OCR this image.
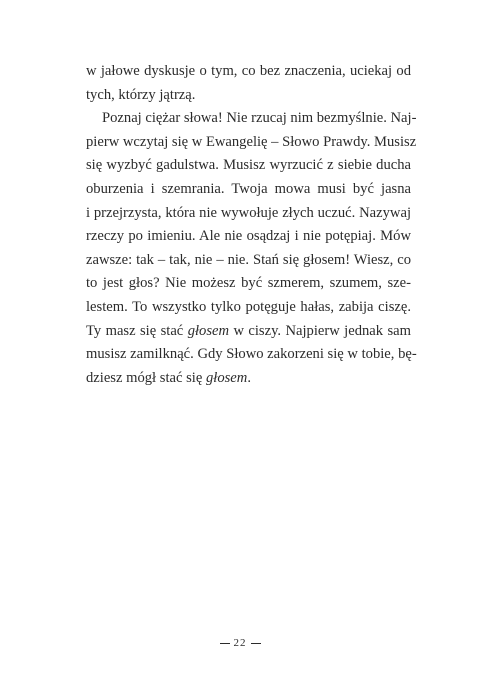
w jałowe dyskusje o tym, co bez znaczenia, uciekaj od
tych, którzy jątrzą.
Poznaj ciężar słowa! Nie rzucaj nim bezmyślnie. Naj-
pierw wczytaj się w Ewangelię – Słowo Prawdy. Musisz
się wyzbyć gadulstwa. Musisz wyrzucić z siebie ducha
oburzenia i szemrania. Twoja mowa musi być jasna
i przejrzysta, która nie wywołuje złych uczuć. Nazywaj
rzeczy po imieniu. Ale nie osądzaj i nie potępiaj. Mów
zawsze: tak – tak, nie – nie. Stań się głosem! Wiesz, co
to jest głos? Nie możesz być szmerem, szumem, sze-
lestem. To wszystko tylko potęguje hałas, zabija ciszę.
Ty masz się stać głosem w ciszy. Najpierw jednak sam
musisz zamilknąć. Gdy Słowo zakorzeni się w tobie, bę-
dziesz mógł stać się głosem.
22
